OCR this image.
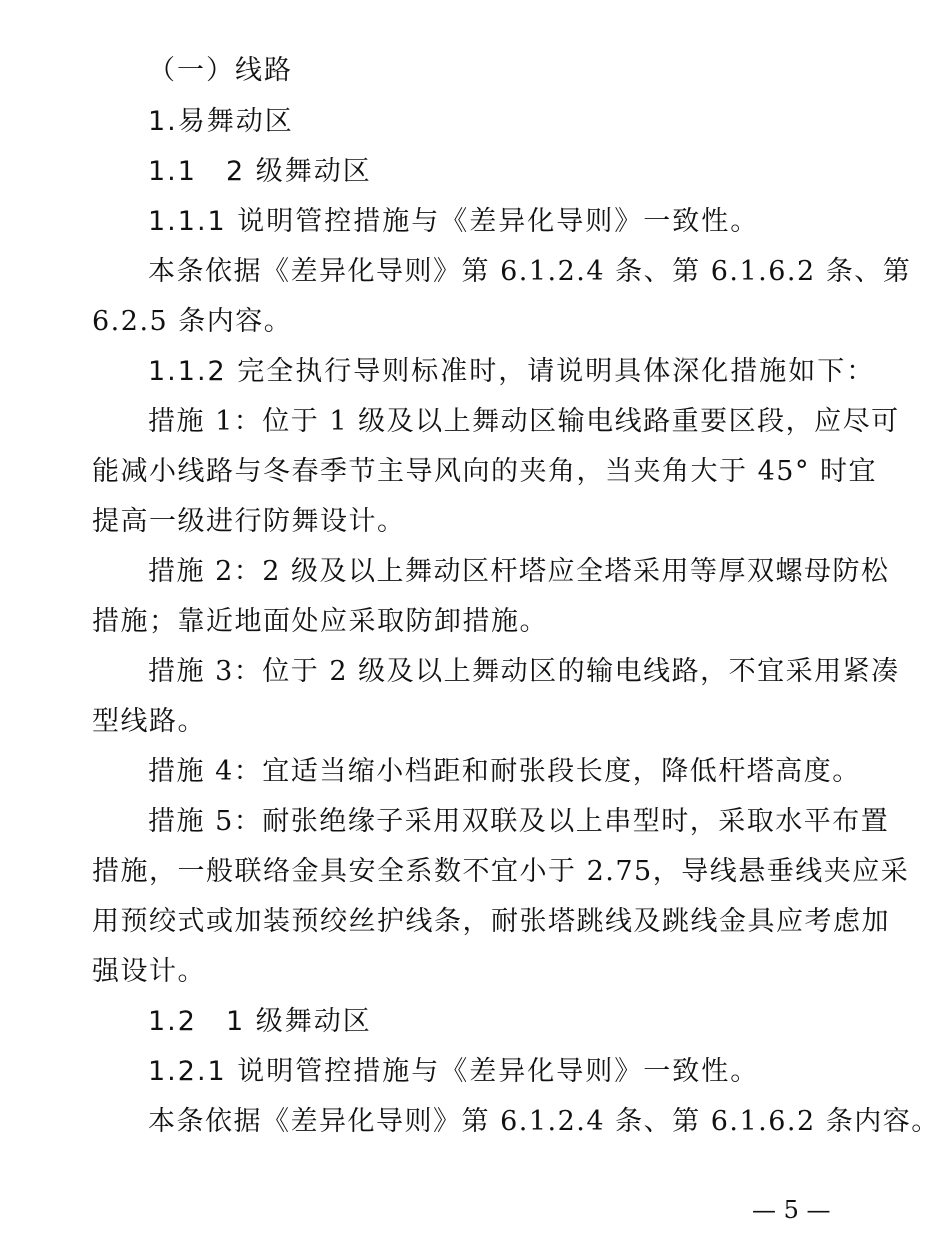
（一）线路
1.易舞动区
1.1　2 级舞动区
1.1.1 说明管控措施与《差异化导则》一致性。
本条依据《差异化导则》第 6.1.2.4 条、第 6.1.6.2 条、第
6.2.5 条内容。
1.1.2 完全执行导则标准时，请说明具体深化措施如下：
措施 1：位于 1 级及以上舞动区输电线路重要区段，应尽可
能减小线路与冬春季节主导风向的夹角，当夹角大于 45° 时宜
提高一级进行防舞设计。
措施 2：2 级及以上舞动区杆塔应全塔采用等厚双螺母防松
措施；靠近地面处应采取防卸措施。
措施 3：位于 2 级及以上舞动区的输电线路，不宜采用紧凑
型线路。
措施 4：宜适当缩小档距和耐张段长度，降低杆塔高度。
措施 5：耐张绝缘子采用双联及以上串型时，采取水平布置
措施，一般联络金具安全系数不宜小于 2.75，导线悬垂线夹应采
用预绞式或加装预绞丝护线条，耐张塔跳线及跳线金具应考虑加
强设计。
1.2　1 级舞动区
1.2.1 说明管控措施与《差异化导则》一致性。
本条依据《差异化导则》第 6.1.2.4 条、第 6.1.6.2 条内容。
— 5 —
